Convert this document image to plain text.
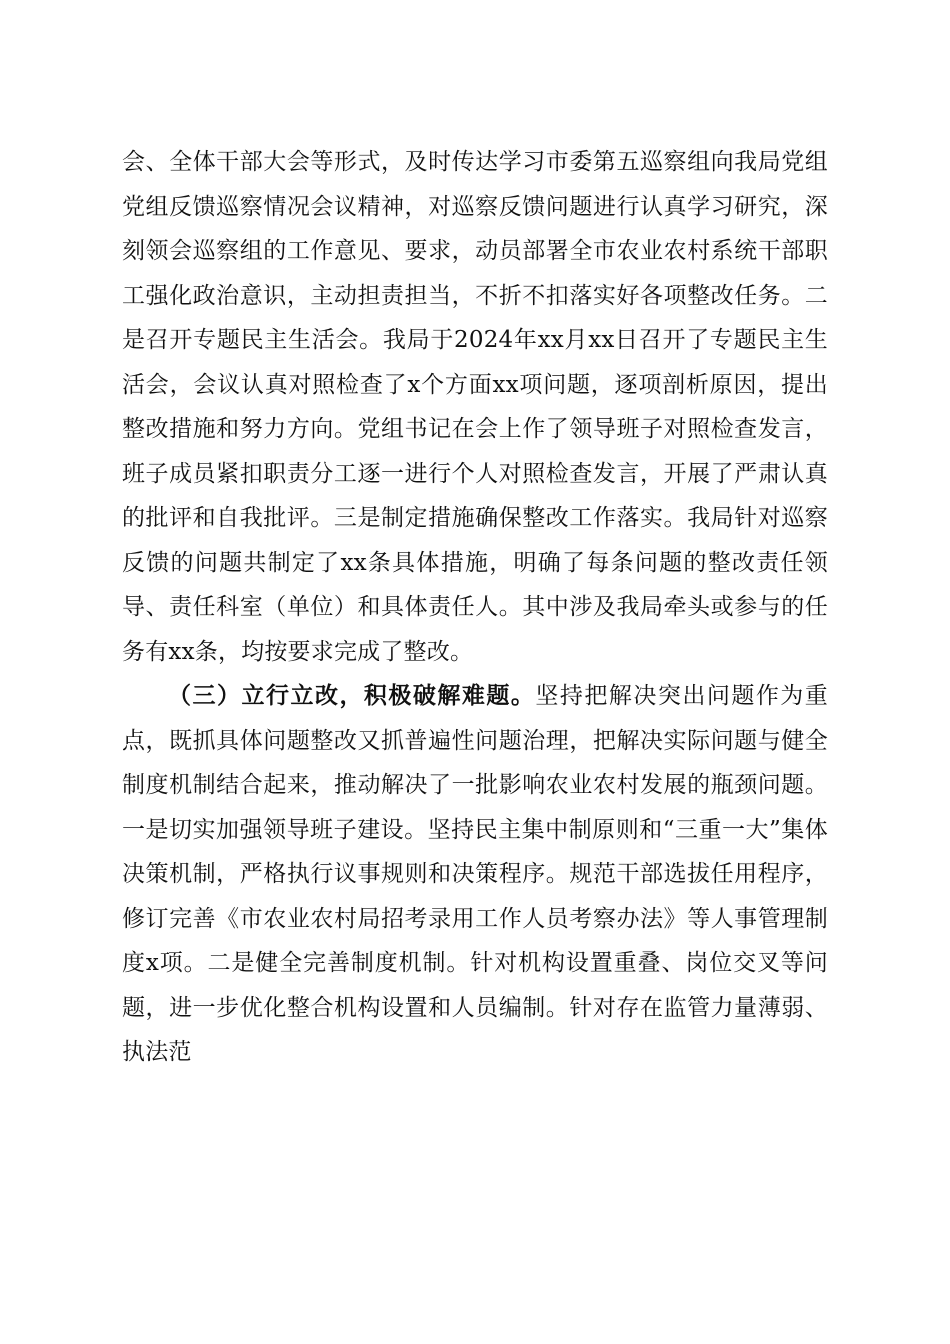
会、全体干部大会等形式，及时传达学习市委第五巡察组向我局党组党组反馈巡察情况会议精神，对巡察反馈问题进行认真学习研究，深刻领会巡察组的工作意见、要求，动员部署全市农业农村系统干部职工强化政治意识，主动担责担当，不折不扣落实好各项整改任务。二是召开专题民主生活会。我局于2024年xx月xx日召开了专题民主生活会，会议认真对照检查了x个方面xx项问题，逐项剖析原因，提出整改措施和努力方向。党组书记在会上作了领导班子对照检查发言，班子成员紧扣职责分工逐一进行个人对照检查发言，开展了严肃认真的批评和自我批评。三是制定措施确保整改工作落实。我局针对巡察反馈的问题共制定了xx条具体措施，明确了每条问题的整改责任领导、责任科室（单位）和具体责任人。其中涉及我局牵头或参与的任务有xx条，均按要求完成了整改。

（三）立行立改，积极破解难题。坚持把解决突出问题作为重点，既抓具体问题整改又抓普遍性问题治理，把解决实际问题与健全制度机制结合起来，推动解决了一批影响农业农村发展的瓶颈问题。一是切实加强领导班子建设。坚持民主集中制原则和“三重一大”集体决策机制，严格执行议事规则和决策程序。规范干部选拔任用程序，修订完善《市农业农村局招考录用工作人员考察办法》等人事管理制度x项。二是健全完善制度机制。针对机构设置重叠、岗位交叉等问题，进一步优化整合机构设置和人员编制。针对存在监管力量薄弱、执法范
